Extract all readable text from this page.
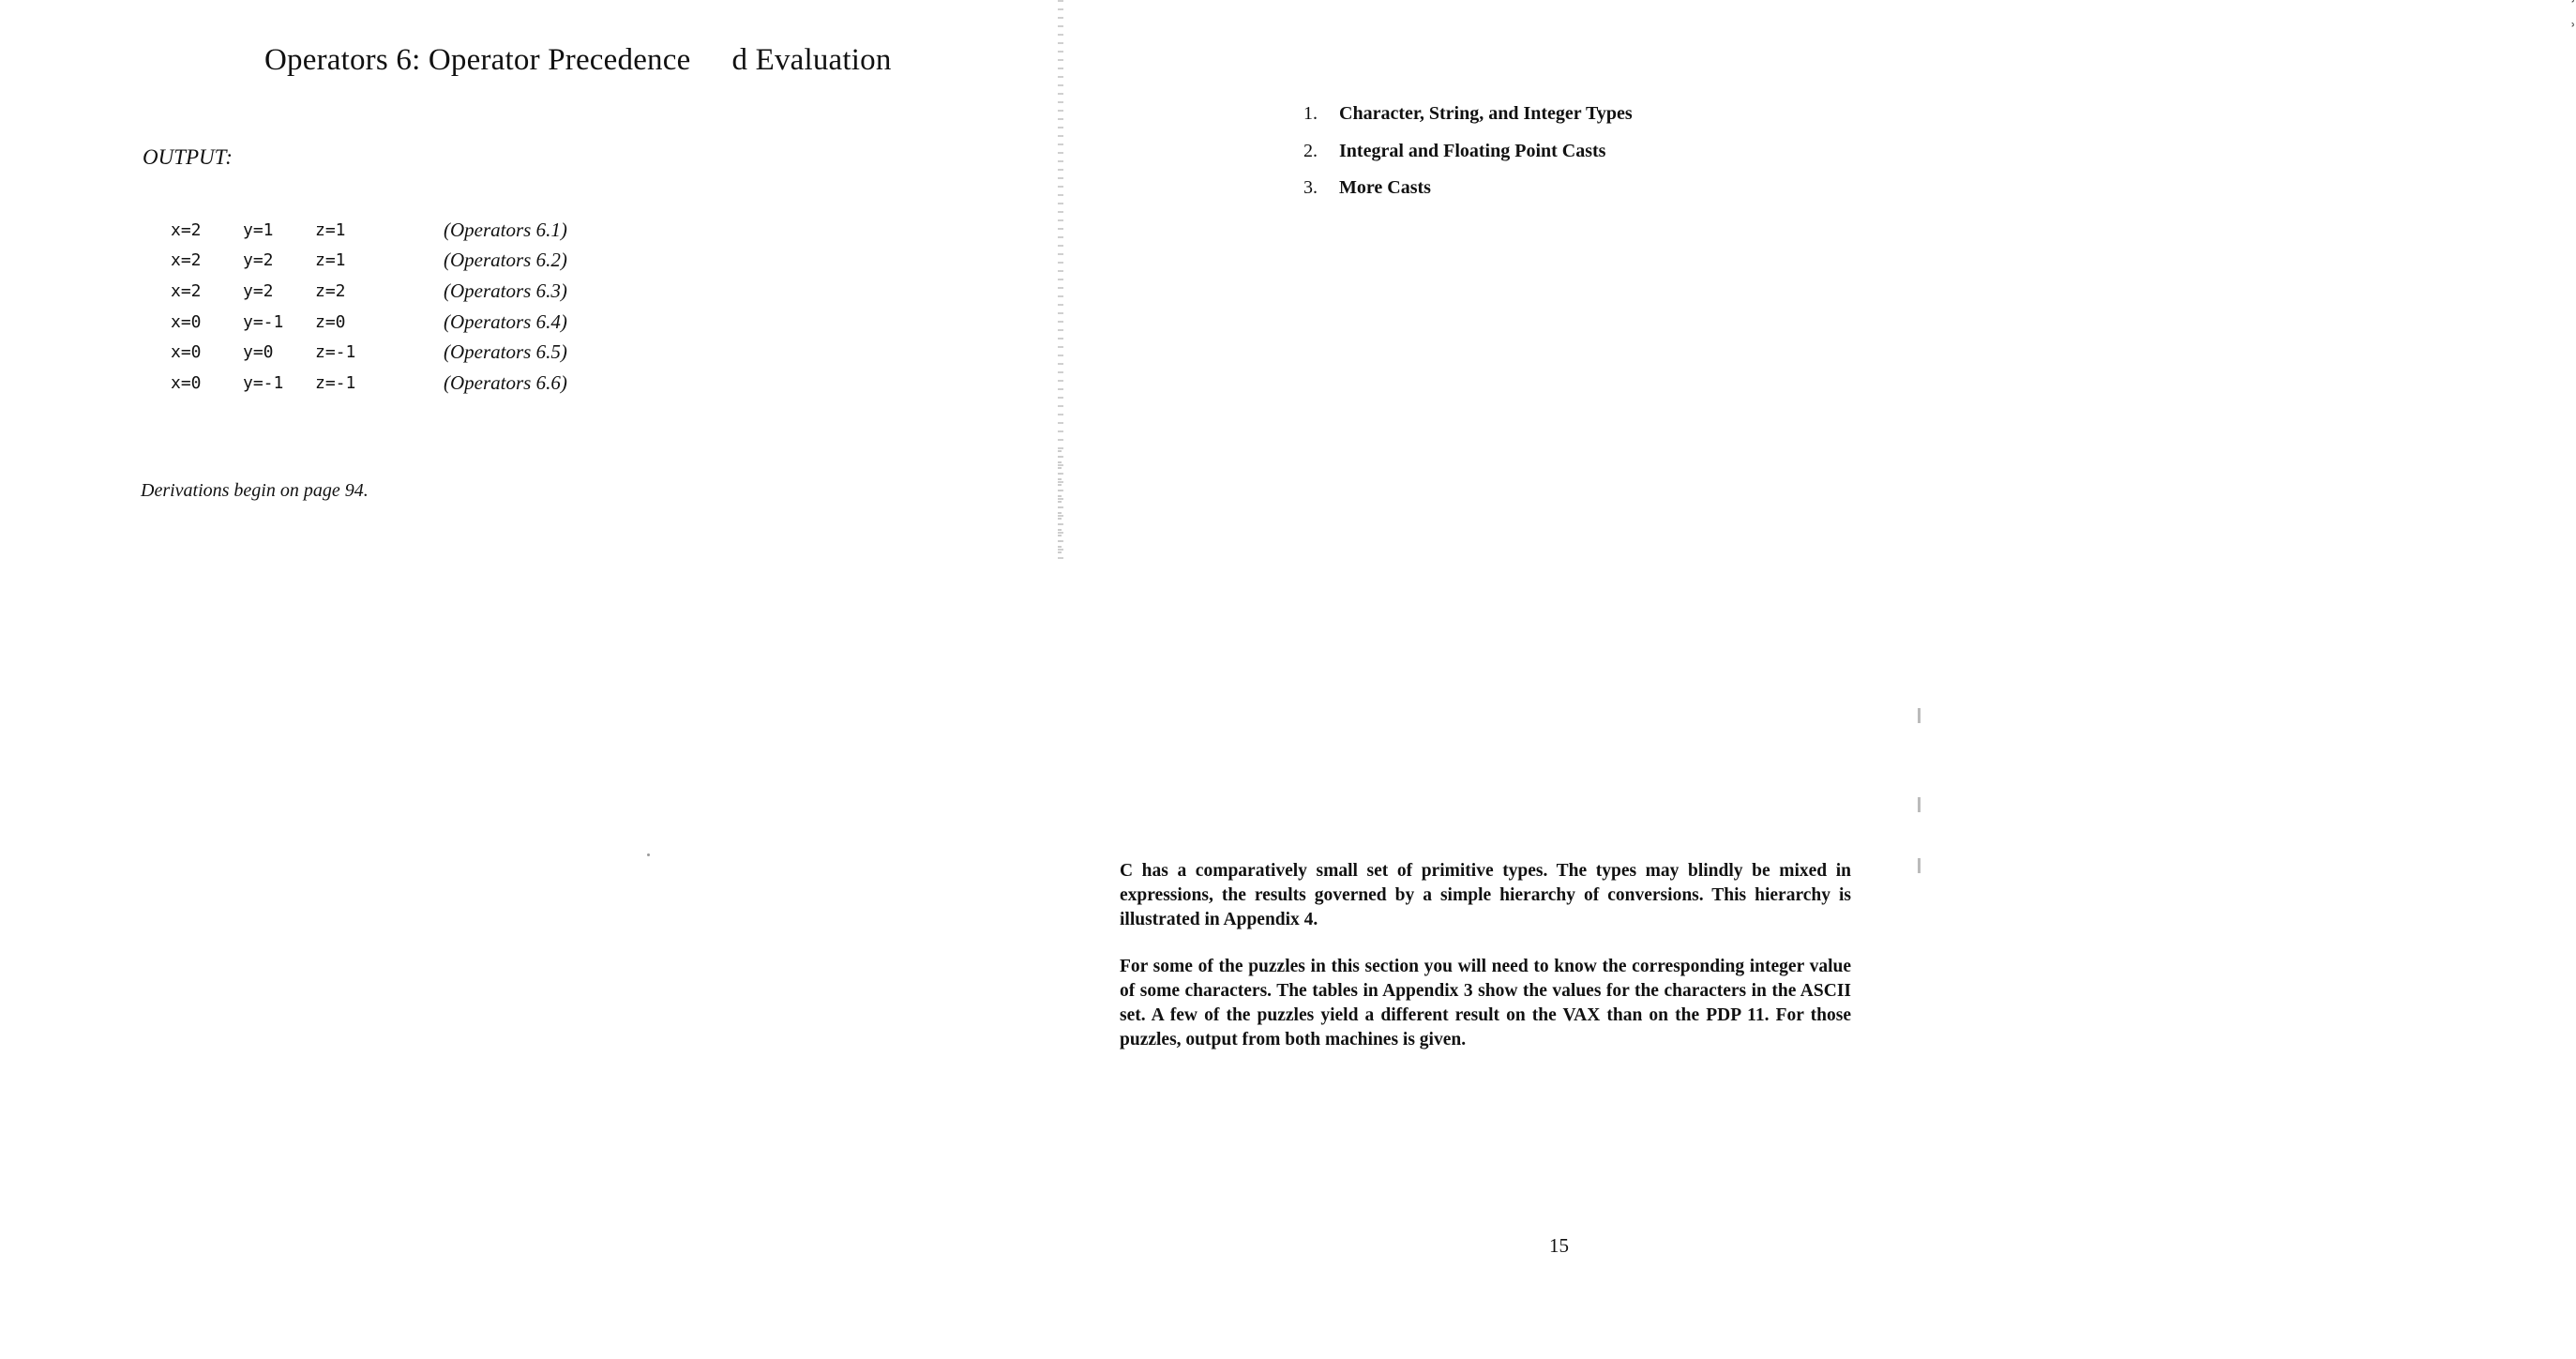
Operators 6: Operator Precedence d Evaluation
OUTPUT:
x=2	y=1	z=1	(Operators 6.1)
x=2	y=2	z=1	(Operators 6.2)
x=2	y=2	z=2	(Operators 6.3)
x=0	y=-1	z=0	(Operators 6.4)
x=0	y=0	z=-1	(Operators 6.5)
x=0	y=-1	z=-1	(Operators 6.6)
Derivations begin on page 94.
ʾ ʾ
1.	Character, String, and Integer Types
2.	Integral and Floating Point Casts
3.	More Casts

C has a comparatively small set of primitive types. The types may blindly be mixed in expressions, the results governed by a simple hierarchy of conversions. This hierarchy is illustrated in Appendix 4.

For some of the puzzles in this section you will need to know the corresponding integer value of some characters. The tables in Appendix 3 show the values for the characters in the ASCII set. A few of the puzzles yield a different result on the VAX than on the PDP 11. For those puzzles, output from both machines is given.

15
